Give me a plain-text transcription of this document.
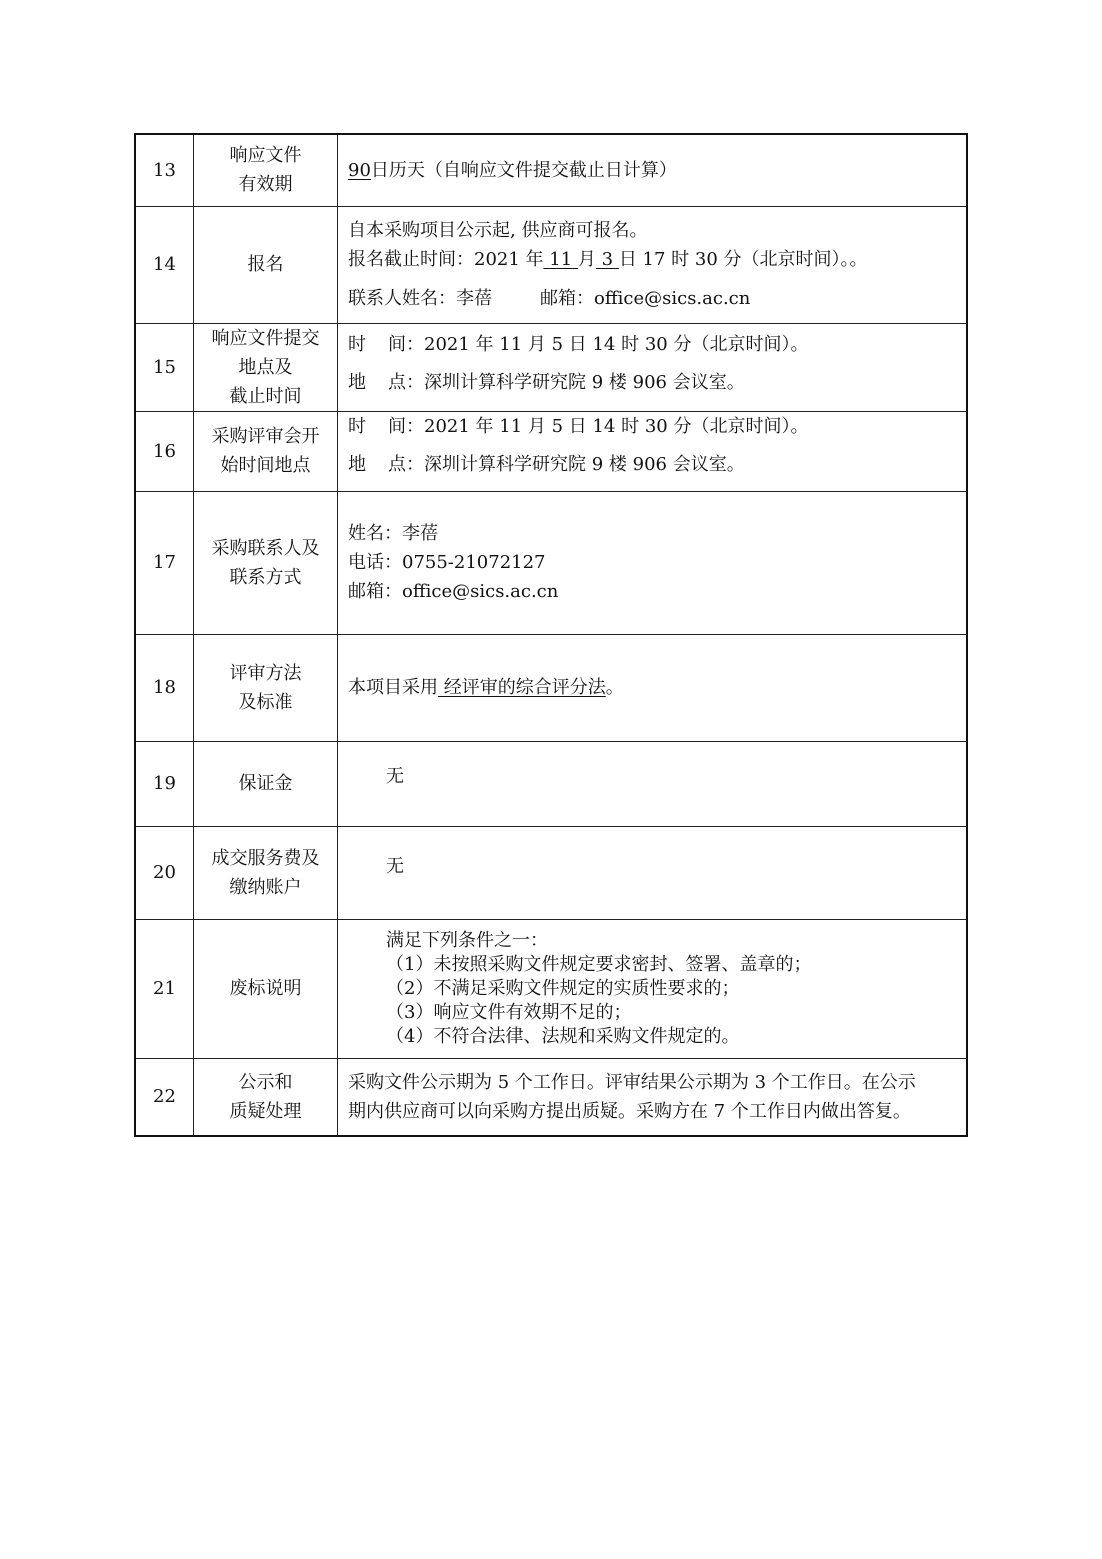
13	响应文件
有效期	90日历天（自响应文件提交截止日计算）

14	报名	自本采购项目公示起, 供应商可报名。
报名截止时间：2021 年 11 月 3 日 17 时 30 分（北京时间）。。
联系人姓名：李蓓 邮箱：office@sics.ac.cn

15	响应文件提交
地点及
截止时间	时 间：2021 年 11 月 5 日 14 时 30 分（北京时间）。
地 点：深圳计算科学研究院 9 楼 906 会议室。

16	采购评审会开
始时间地点	时 间：2021 年 11 月 5 日 14 时 30 分（北京时间）。
地 点：深圳计算科学研究院 9 楼 906 会议室。

17	采购联系人及
联系方式	姓名：李蓓
电话：0755-21072127
邮箱：office@sics.ac.cn

18	评审方法
及标准	本项目采用 经评审的综合评分法。

19	保证金	无

20	成交服务费及
缴纳账户	无

21	废标说明	满足下列条件之一：
（1）未按照采购文件规定要求密封、签署、盖章的；
（2）不满足采购文件规定的实质性要求的；
（3）响应文件有效期不足的；
（4）不符合法律、法规和采购文件规定的。

22	公示和
质疑处理	采购文件公示期为 5 个工作日。评审结果公示期为 3 个工作日。在公示
期内供应商可以向采购方提出质疑。采购方在 7 个工作日内做出答复。
